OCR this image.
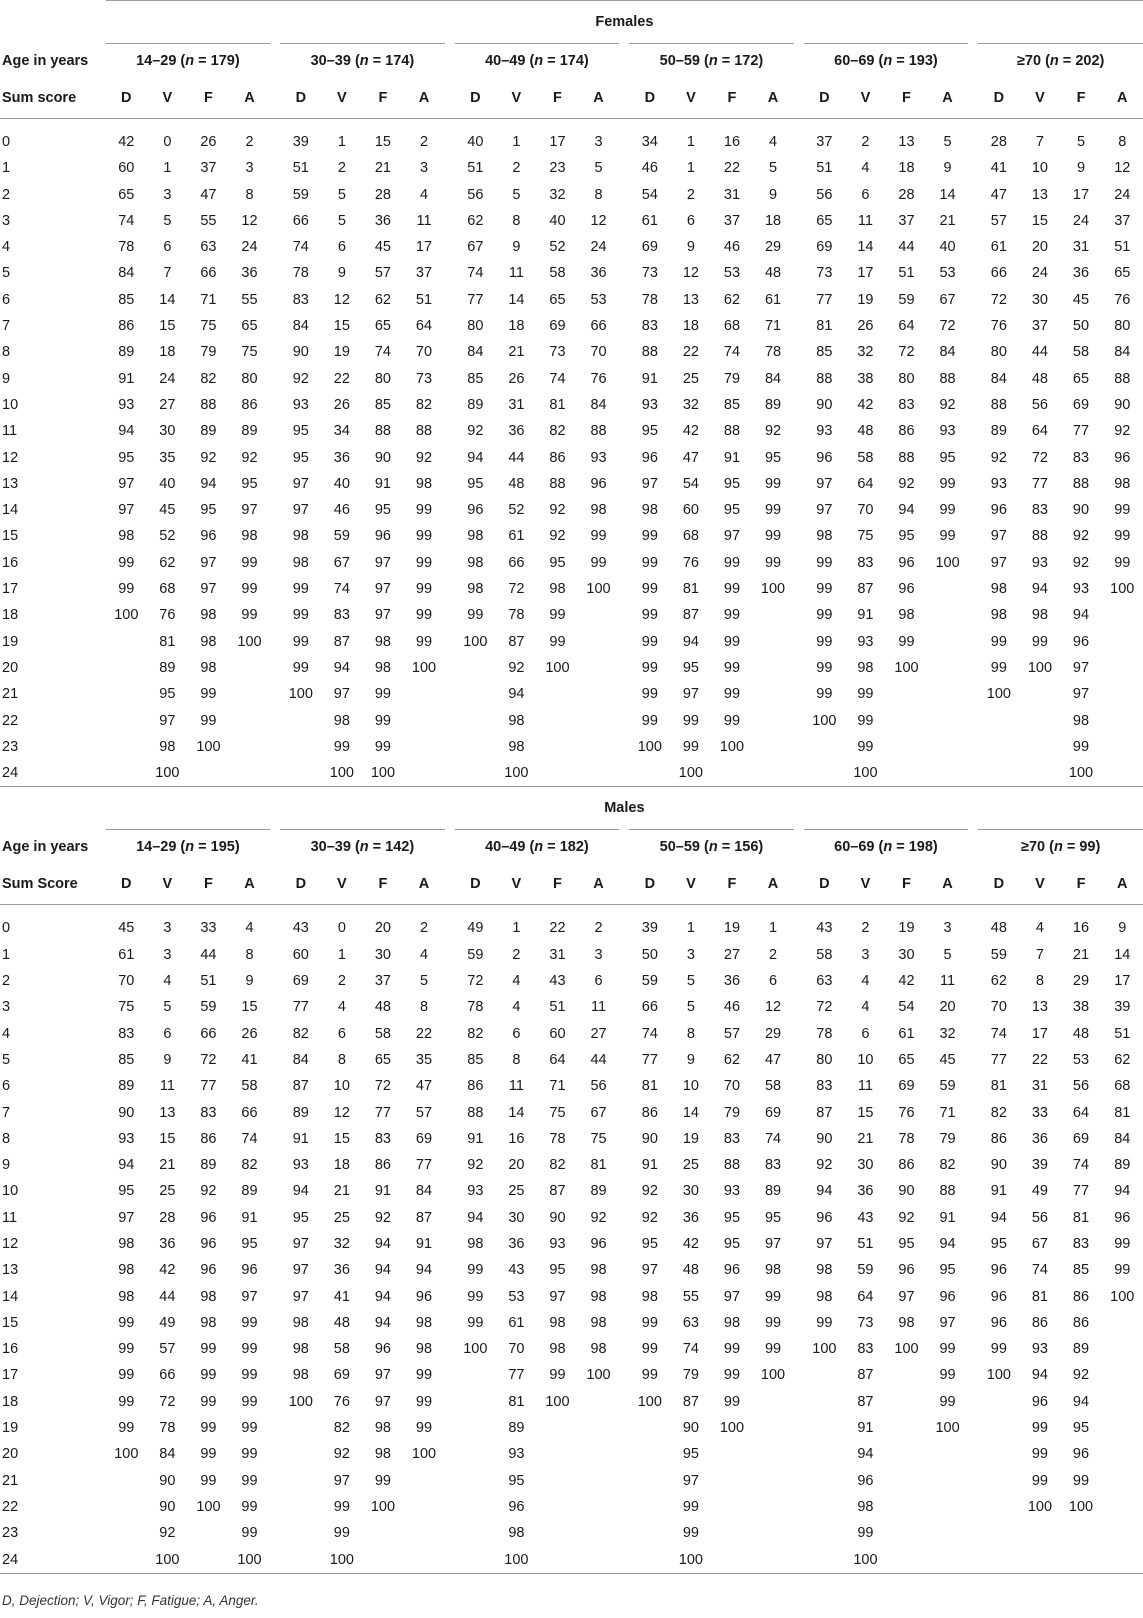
	Females																												
Age in years	14–29 (n = 179)					30–39 (n = 174)					40–49 (n = 174)					50–59 (n = 172)					60–69 (n = 193)					≥70 (n = 202)			
Sum score	D	V	F	A		D	V	F	A		D	V	F	A		D	V	F	A		D	V	F	A		D	V	F	A

0	42	0	26	2		39	1	15	2		40	1	17	3		34	1	16	4		37	2	13	5		28	7	5	8
1	60	1	37	3		51	2	21	3		51	2	23	5		46	1	22	5		51	4	18	9		41	10	9	12
2	65	3	47	8		59	5	28	4		56	5	32	8		54	2	31	9		56	6	28	14		47	13	17	24
3	74	5	55	12		66	5	36	11		62	8	40	12		61	6	37	18		65	11	37	21		57	15	24	37
4	78	6	63	24		74	6	45	17		67	9	52	24		69	9	46	29		69	14	44	40		61	20	31	51
5	84	7	66	36		78	9	57	37		74	11	58	36		73	12	53	48		73	17	51	53		66	24	36	65
6	85	14	71	55		83	12	62	51		77	14	65	53		78	13	62	61		77	19	59	67		72	30	45	76
7	86	15	75	65		84	15	65	64		80	18	69	66		83	18	68	71		81	26	64	72		76	37	50	80
8	89	18	79	75		90	19	74	70		84	21	73	70		88	22	74	78		85	32	72	84		80	44	58	84
9	91	24	82	80		92	22	80	73		85	26	74	76		91	25	79	84		88	38	80	88		84	48	65	88
10	93	27	88	86		93	26	85	82		89	31	81	84		93	32	85	89		90	42	83	92		88	56	69	90
11	94	30	89	89		95	34	88	88		92	36	82	88		95	42	88	92		93	48	86	93		89	64	77	92
12	95	35	92	92		95	36	90	92		94	44	86	93		96	47	91	95		96	58	88	95		92	72	83	96
13	97	40	94	95		97	40	91	98		95	48	88	96		97	54	95	99		97	64	92	99		93	77	88	98
14	97	45	95	97		97	46	95	99		96	52	92	98		98	60	95	99		97	70	94	99		96	83	90	99
15	98	52	96	98		98	59	96	99		98	61	92	99		99	68	97	99		98	75	95	99		97	88	92	99
16	99	62	97	99		98	67	97	99		98	66	95	99		99	76	99	99		99	83	96	100		97	93	92	99
17	99	68	97	99		99	74	97	99		98	72	98	100		99	81	99	100		99	87	96			98	94	93	100
18	100	76	98	99		99	83	97	99		99	78	99			99	87	99			99	91	98			98	98	94	
19		81	98	100		99	87	98	99		100	87	99			99	94	99			99	93	99			99	99	96	
20		89	98			99	94	98	100			92	100			99	95	99			99	98	100			99	100	97	
21		95	99			100	97	99				94				99	97	99			99	99				100		97	
22		97	99				98	99				98				99	99	99			100	99						98	
23		98	100				99	99				98				100	99	100				99						99	
24		100					100	100				100					100					100						100	
	Males																												
Age in years	14–29 (n = 195)					30–39 (n = 142)					40–49 (n = 182)					50–59 (n = 156)					60–69 (n = 198)					≥70 (n = 99)			
Sum Score	D	V	F	A		D	V	F	A		D	V	F	A		D	V	F	A		D	V	F	A		D	V	F	A

0	45	3	33	4		43	0	20	2		49	1	22	2		39	1	19	1		43	2	19	3		48	4	16	9
1	61	3	44	8		60	1	30	4		59	2	31	3		50	3	27	2		58	3	30	5		59	7	21	14
2	70	4	51	9		69	2	37	5		72	4	43	6		59	5	36	6		63	4	42	11		62	8	29	17
3	75	5	59	15		77	4	48	8		78	4	51	11		66	5	46	12		72	4	54	20		70	13	38	39
4	83	6	66	26		82	6	58	22		82	6	60	27		74	8	57	29		78	6	61	32		74	17	48	51
5	85	9	72	41		84	8	65	35		85	8	64	44		77	9	62	47		80	10	65	45		77	22	53	62
6	89	11	77	58		87	10	72	47		86	11	71	56		81	10	70	58		83	11	69	59		81	31	56	68
7	90	13	83	66		89	12	77	57		88	14	75	67		86	14	79	69		87	15	76	71		82	33	64	81
8	93	15	86	74		91	15	83	69		91	16	78	75		90	19	83	74		90	21	78	79		86	36	69	84
9	94	21	89	82		93	18	86	77		92	20	82	81		91	25	88	83		92	30	86	82		90	39	74	89
10	95	25	92	89		94	21	91	84		93	25	87	89		92	30	93	89		94	36	90	88		91	49	77	94
11	97	28	96	91		95	25	92	87		94	30	90	92		92	36	95	95		96	43	92	91		94	56	81	96
12	98	36	96	95		97	32	94	91		98	36	93	96		95	42	95	97		97	51	95	94		95	67	83	99
13	98	42	96	96		97	36	94	94		99	43	95	98		97	48	96	98		98	59	96	95		96	74	85	99
14	98	44	98	97		97	41	94	96		99	53	97	98		98	55	97	99		98	64	97	96		96	81	86	100
15	99	49	98	99		98	48	94	98		99	61	98	98		99	63	98	99		99	73	98	97		96	86	86	
16	99	57	99	99		98	58	96	98		100	70	98	98		99	74	99	99		100	83	100	99		99	93	89	
17	99	66	99	99		98	69	97	99			77	99	100		99	79	99	100			87		99		100	94	92	
18	99	72	99	99		100	76	97	99			81	100			100	87	99				87		99			96	94	
19	99	78	99	99			82	98	99			89					90	100				91		100			99	95	
20	100	84	99	99			92	98	100			93					95					94					99	96	
21		90	99	99			97	99				95					97					96					99	99	
22		90	100	99			99	100				96					99					98					100	100	
23		92		99			99					98					99					99							
24		100		100			100					100					100					100							
D, Dejection; V, Vigor; F, Fatigue; A, Anger.
